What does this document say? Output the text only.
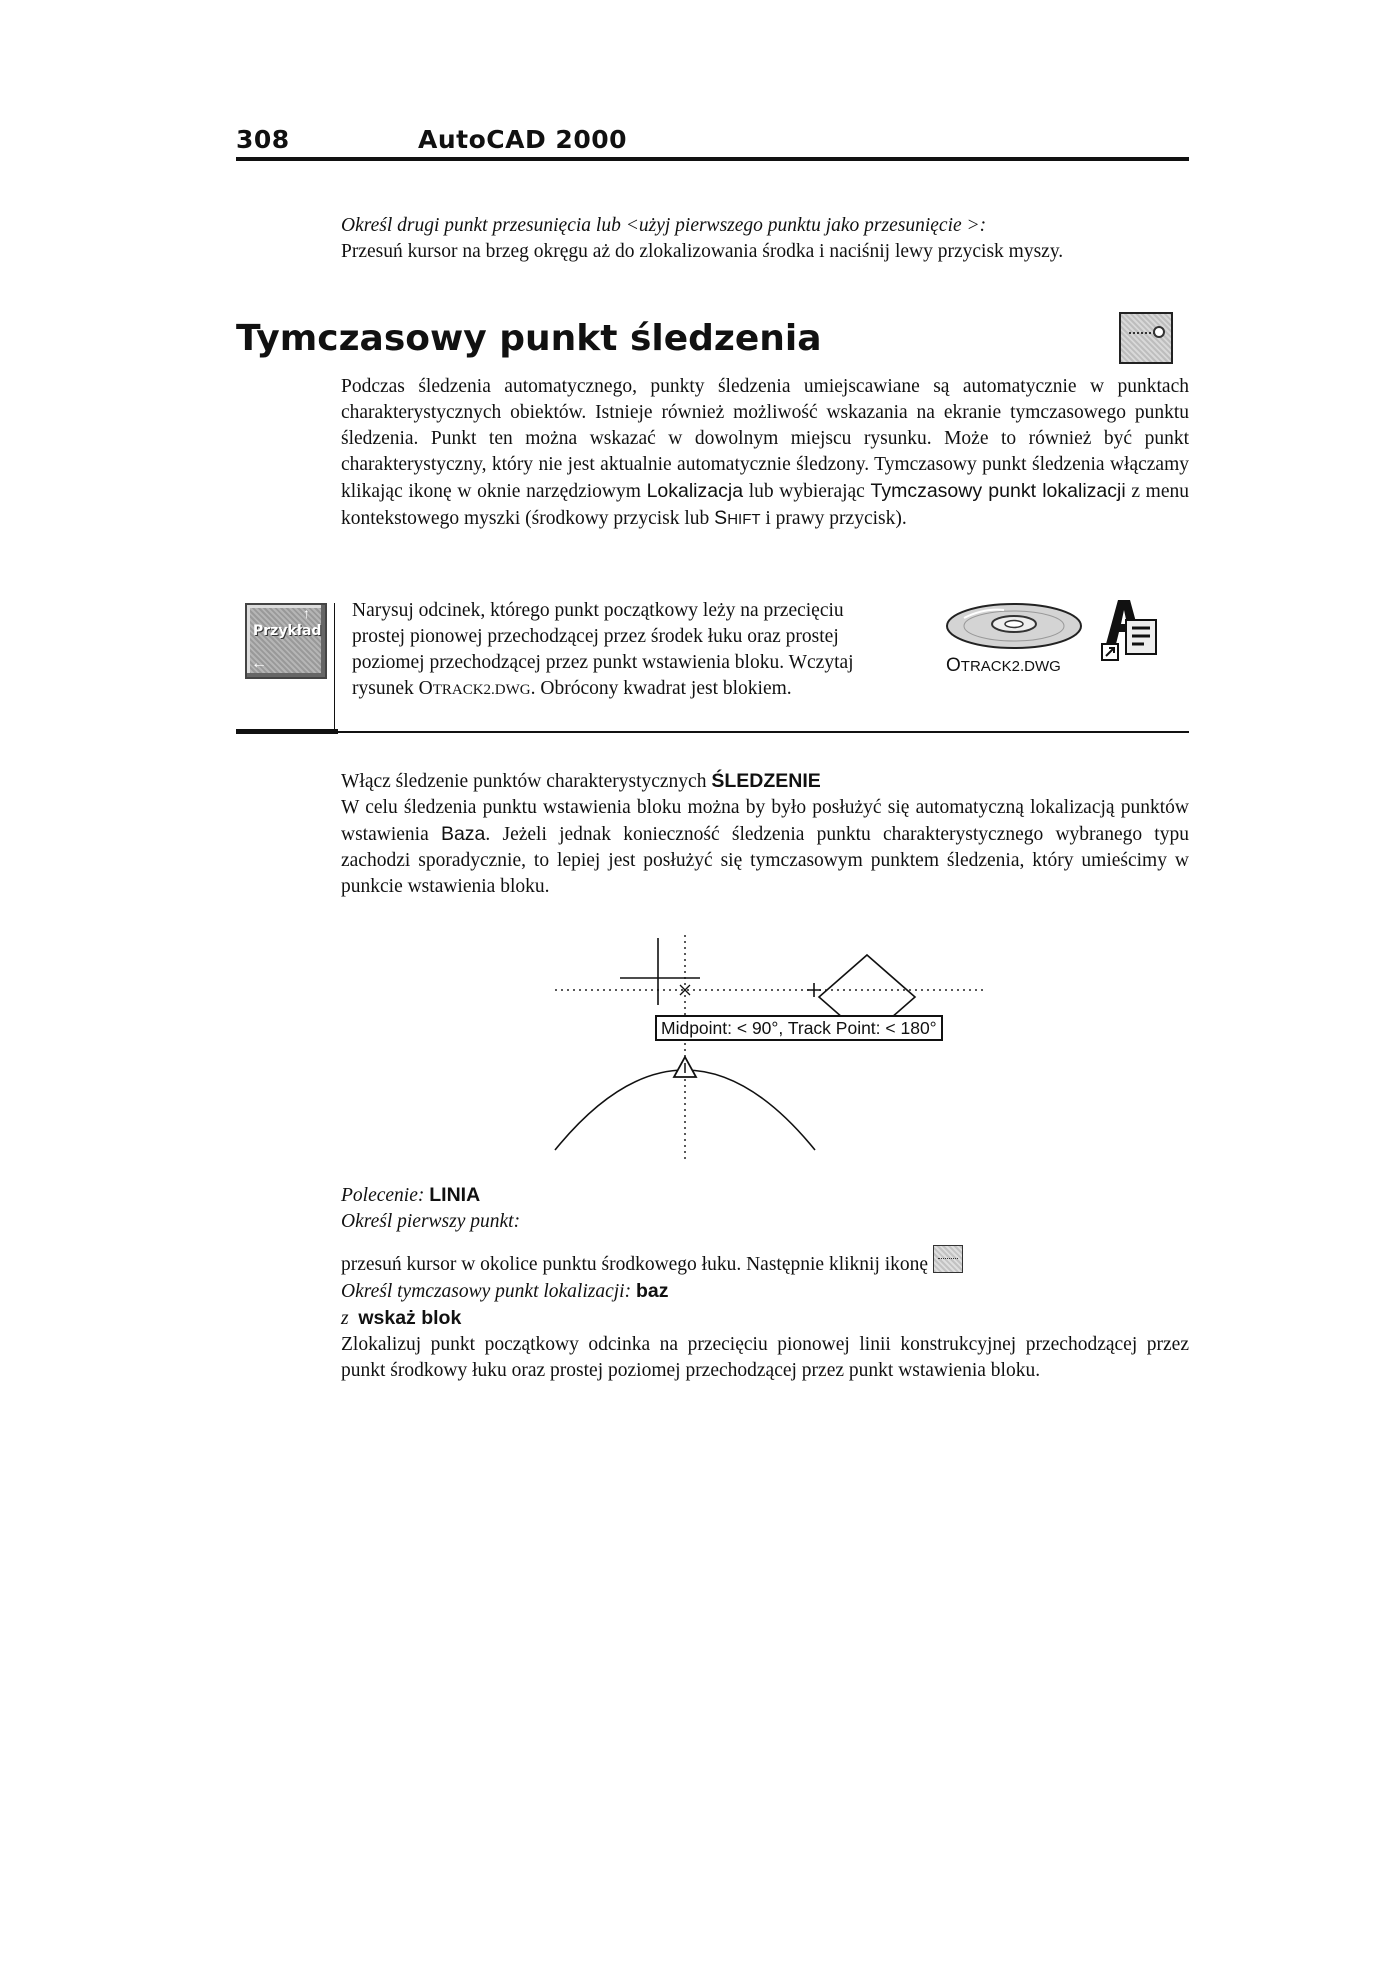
308	AutoCAD 2000
Określ drugi punkt przesunięcia lub <użyj pierwszego punktu jako przesunięcie >:
Przesuń kursor na brzeg okręgu aż do zlokalizowania środka i naciśnij lewy przycisk myszy.
Tymczasowy punkt śledzenia
Podczas śledzenia automatycznego, punkty śledzenia umiejscawiane są automatycznie w punktach charakterystycznych obiektów. Istnieje również możliwość wskazania na ekranie tymczasowego punktu śledzenia. Punkt ten można wskazać w dowolnym miejscu rysunku. Może to również być punkt charakterystyczny, który nie jest aktualnie automatycznie śledzony. Tymczasowy punkt śledzenia włączamy klikając ikonę w oknie narzędziowym Lokalizacja lub wybierając Tymczasowy punkt lokalizacji z menu kontekstowego myszki (środkowy przycisk lub SHIFT i prawy przycisk).
↑
Przykład
←
Narysuj odcinek, którego punkt początkowy leży na przecięciu prostej pionowej przechodzącej przez środek łuku oraz prostej poziomej przechodzącej przez punkt wstawienia bloku. Wczytaj rysunek OTRACK2.DWG. Obrócony kwadrat jest blokiem.
OTRACK2.DWG
Włącz śledzenie punktów charakterystycznych ŚLEDZENIE
W celu śledzenia punktu wstawienia bloku można by było posłużyć się automatyczną lokalizacją punktów wstawienia Baza. Jeżeli jednak konieczność śledzenia punktu charakterystycznego wybranego typu zachodzi sporadycznie, to lepiej jest posłużyć się tymczasowym punktem śledzenia, który umieścimy w punkcie wstawienia bloku.
Midpoint: < 90°, Track Point: < 180°
Polecenie: LINIA
Określ pierwszy punkt:
przesuń kursor w okolice punktu środkowego łuku. Następnie kliknij ikonę
Określ tymczasowy punkt lokalizacji: baz
z wskaż blok
Zlokalizuj punkt początkowy odcinka na przecięciu pionowej linii konstrukcyjnej przechodzącej przez punkt środkowy łuku oraz prostej poziomej przechodzącej przez punkt wstawienia bloku.
